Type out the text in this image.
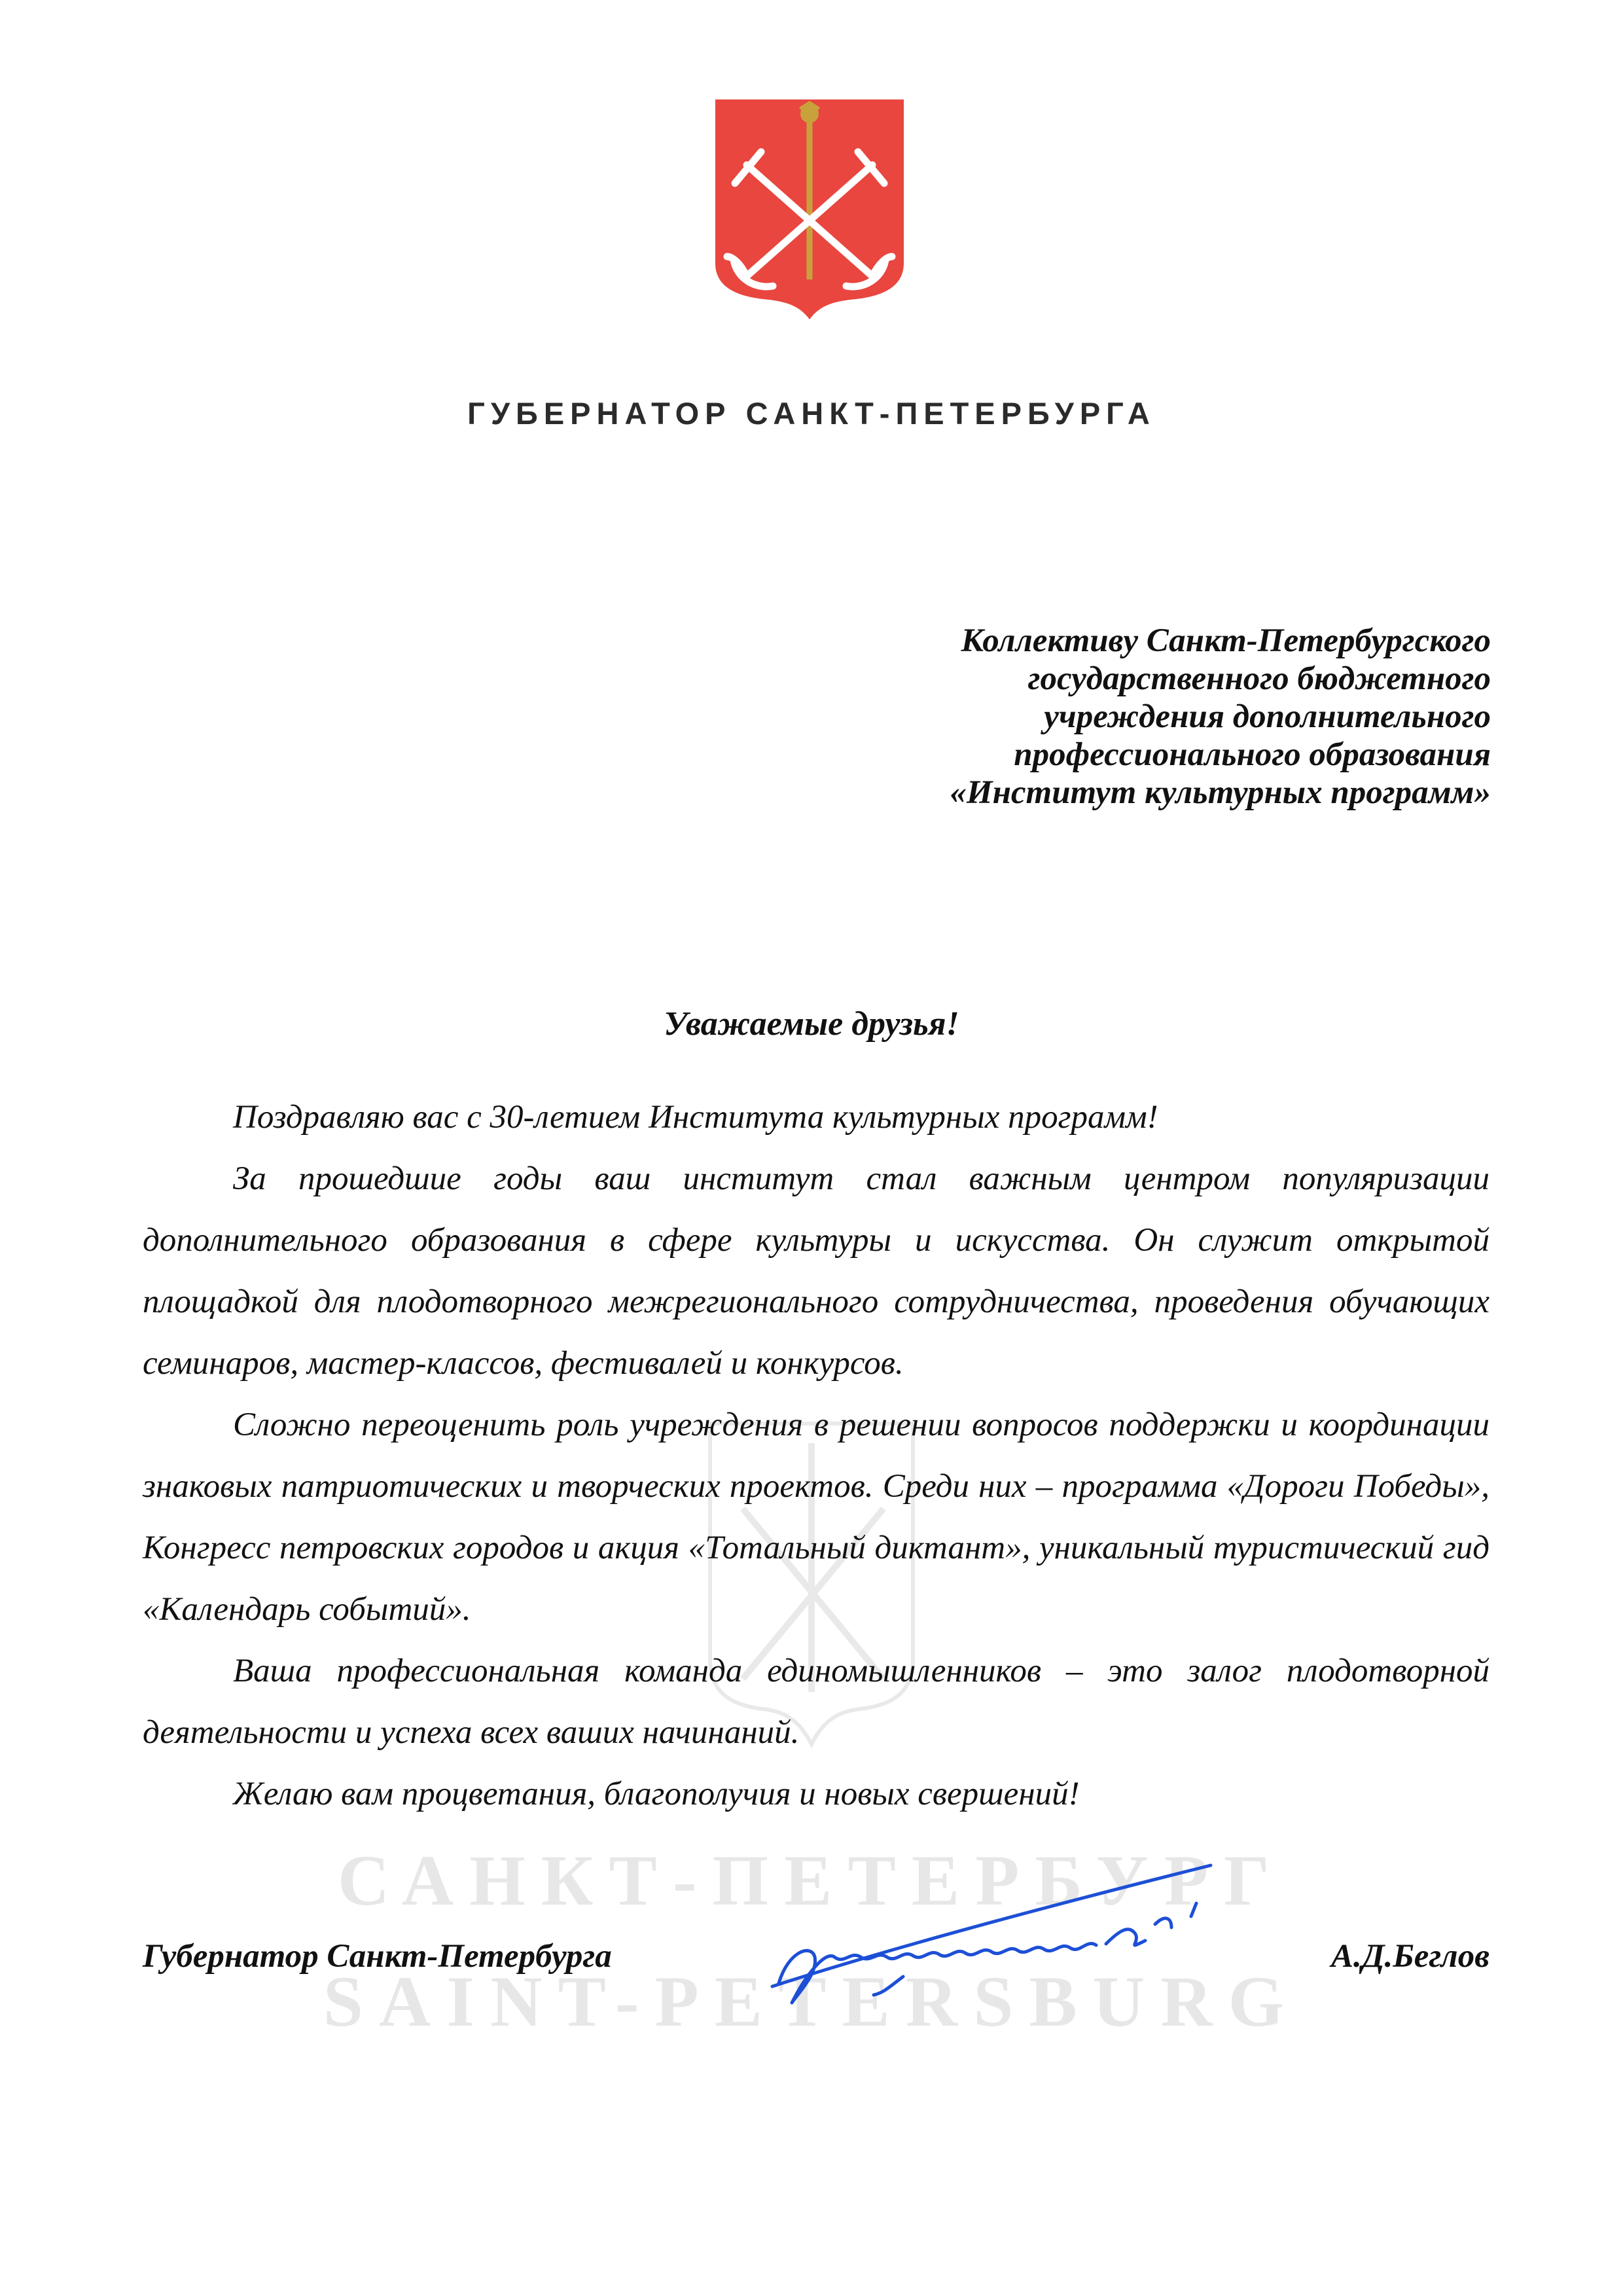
ГУБЕРНАТОР САНКТ-ПЕТЕРБУРГА
Коллективу Санкт-Петербургского
государственного бюджетного
учреждения дополнительного
профессионального образования
«Институт культурных программ»
Уважаемые друзья!

Поздравляю вас с 30-летием Института культурных программ!

За прошедшие годы ваш институт стал важным центром популяризации дополнительного образования в сфере культуры и искусства. Он служит открытой площадкой для плодотворного межрегионального сотрудничества, проведения обучающих семинаров, мастер-классов, фестивалей и конкурсов.

Сложно переоценить роль учреждения в решении вопросов поддержки и координации знаковых патриотических и творческих проектов. Среди них – программа «Дороги Победы», Конгресс петровских городов и акция «Тотальный диктант», уникальный туристический гид «Календарь событий».

Ваша профессиональная команда единомышленников – это залог плодотворной деятельности и успеха всех ваших начинаний.

Желаю вам процветания, благополучия и новых свершений!

САНКТ-ПЕТЕРБУРГ
SAINT-PETERSBURG
Губернатор Санкт-Петербурга	А.Д.Беглов
